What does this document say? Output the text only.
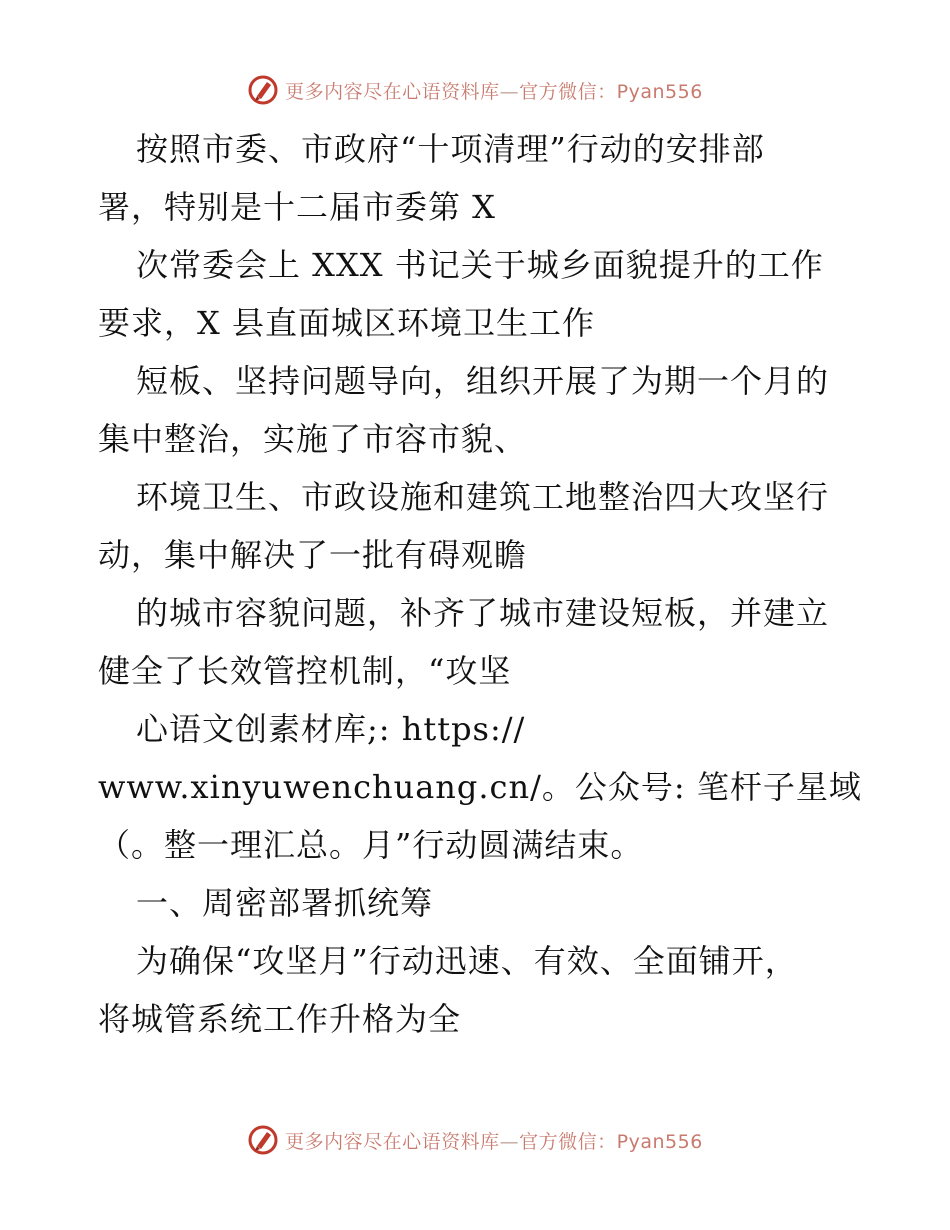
更多内容尽在心语资料库—官方微信：Pyan556
按照市委、市政府“十项清理”行动的安排部
署，特别是十二届市委第 X
次常委会上 XXX 书记关于城乡面貌提升的工作
要求，X 县直面城区环境卫生工作
短板、坚持问题导向，组织开展了为期一个月的
集中整治，实施了市容市貌、
环境卫生、市政设施和建筑工地整治四大攻坚行
动，集中解决了一批有碍观瞻
的城市容貌问题，补齐了城市建设短板，并建立
健全了长效管控机制，“攻坚
心语文创素材库;: https://
www.xinyuwenchuang.cn/。公众号: 笔杆子星域
（。整一理汇总。月”行动圆满结束。
一、周密部署抓统筹
为确保“攻坚月”行动迅速、有效、全面铺开，
将城管系统工作升格为全
更多内容尽在心语资料库—官方微信：Pyan556
